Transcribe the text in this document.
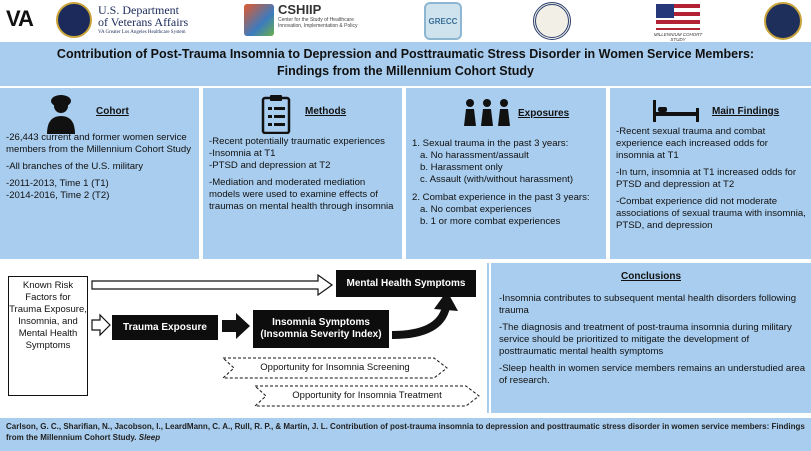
VA	U.S. Department
of Veterans Affairs
VA Greater Los Angeles Healthcare System
CSHIIP
Center for the Study of Healthcare Innovation, Implementation & Policy
GRECC
MILLENNIUM COHORT STUDY
Contribution of Post-Trauma Insomnia to Depression and Posttraumatic Stress Disorder in Women Service Members:
Findings from the Millennium Cohort Study
Cohort

-26,443 current and former women service members from the Millennium Cohort Study

-All branches of the U.S. military

-2011-2013, Time 1 (T1)

-2014-2016, Time 2 (T2)

Methods

-Recent potentially traumatic experiences

-Insomnia at T1

-PTSD and depression at T2

-Mediation and moderated mediation models were used to examine effects of traumas on mental health through insomnia

Exposures
1. Sexual trauma in the past 3 years:
a. No harassment/assault
b. Harassment only
c. Assault (with/without harassment)
2. Combat experience in the past 3 years:
a. No combat experiences
b. 1 or more combat experiences
Main Findings

-Recent sexual trauma and combat experience each increased odds for insomnia at T1

-In turn, insomnia at T1 increased odds for PTSD and depression at T2

-Combat experience did not moderate associations of sexual trauma with insomnia, PTSD, and depression

Known Risk Factors for Trauma Exposure, Insomnia, and Mental Health Symptoms
Mental Health Symptoms
Trauma Exposure	Insomnia Symptoms
(Insomnia Severity Index)
Opportunity for Insomnia Screening
Opportunity for Insomnia Treatment
Conclusions

-Insomnia contributes to subsequent mental health disorders following trauma

-The diagnosis and treatment of post-trauma insomnia during military service should be prioritized to mitigate the development of posttraumatic mental health symptoms

-Sleep health in women service members remains an understudied area of research.

Carlson, G. C., Sharifian, N., Jacobson, I., LeardMann, C. A., Rull, R. P., & Martin, J. L. Contribution of post-trauma insomnia to depression and posttraumatic stress disorder in women service members: Findings from the Millennium Cohort Study. Sleep
